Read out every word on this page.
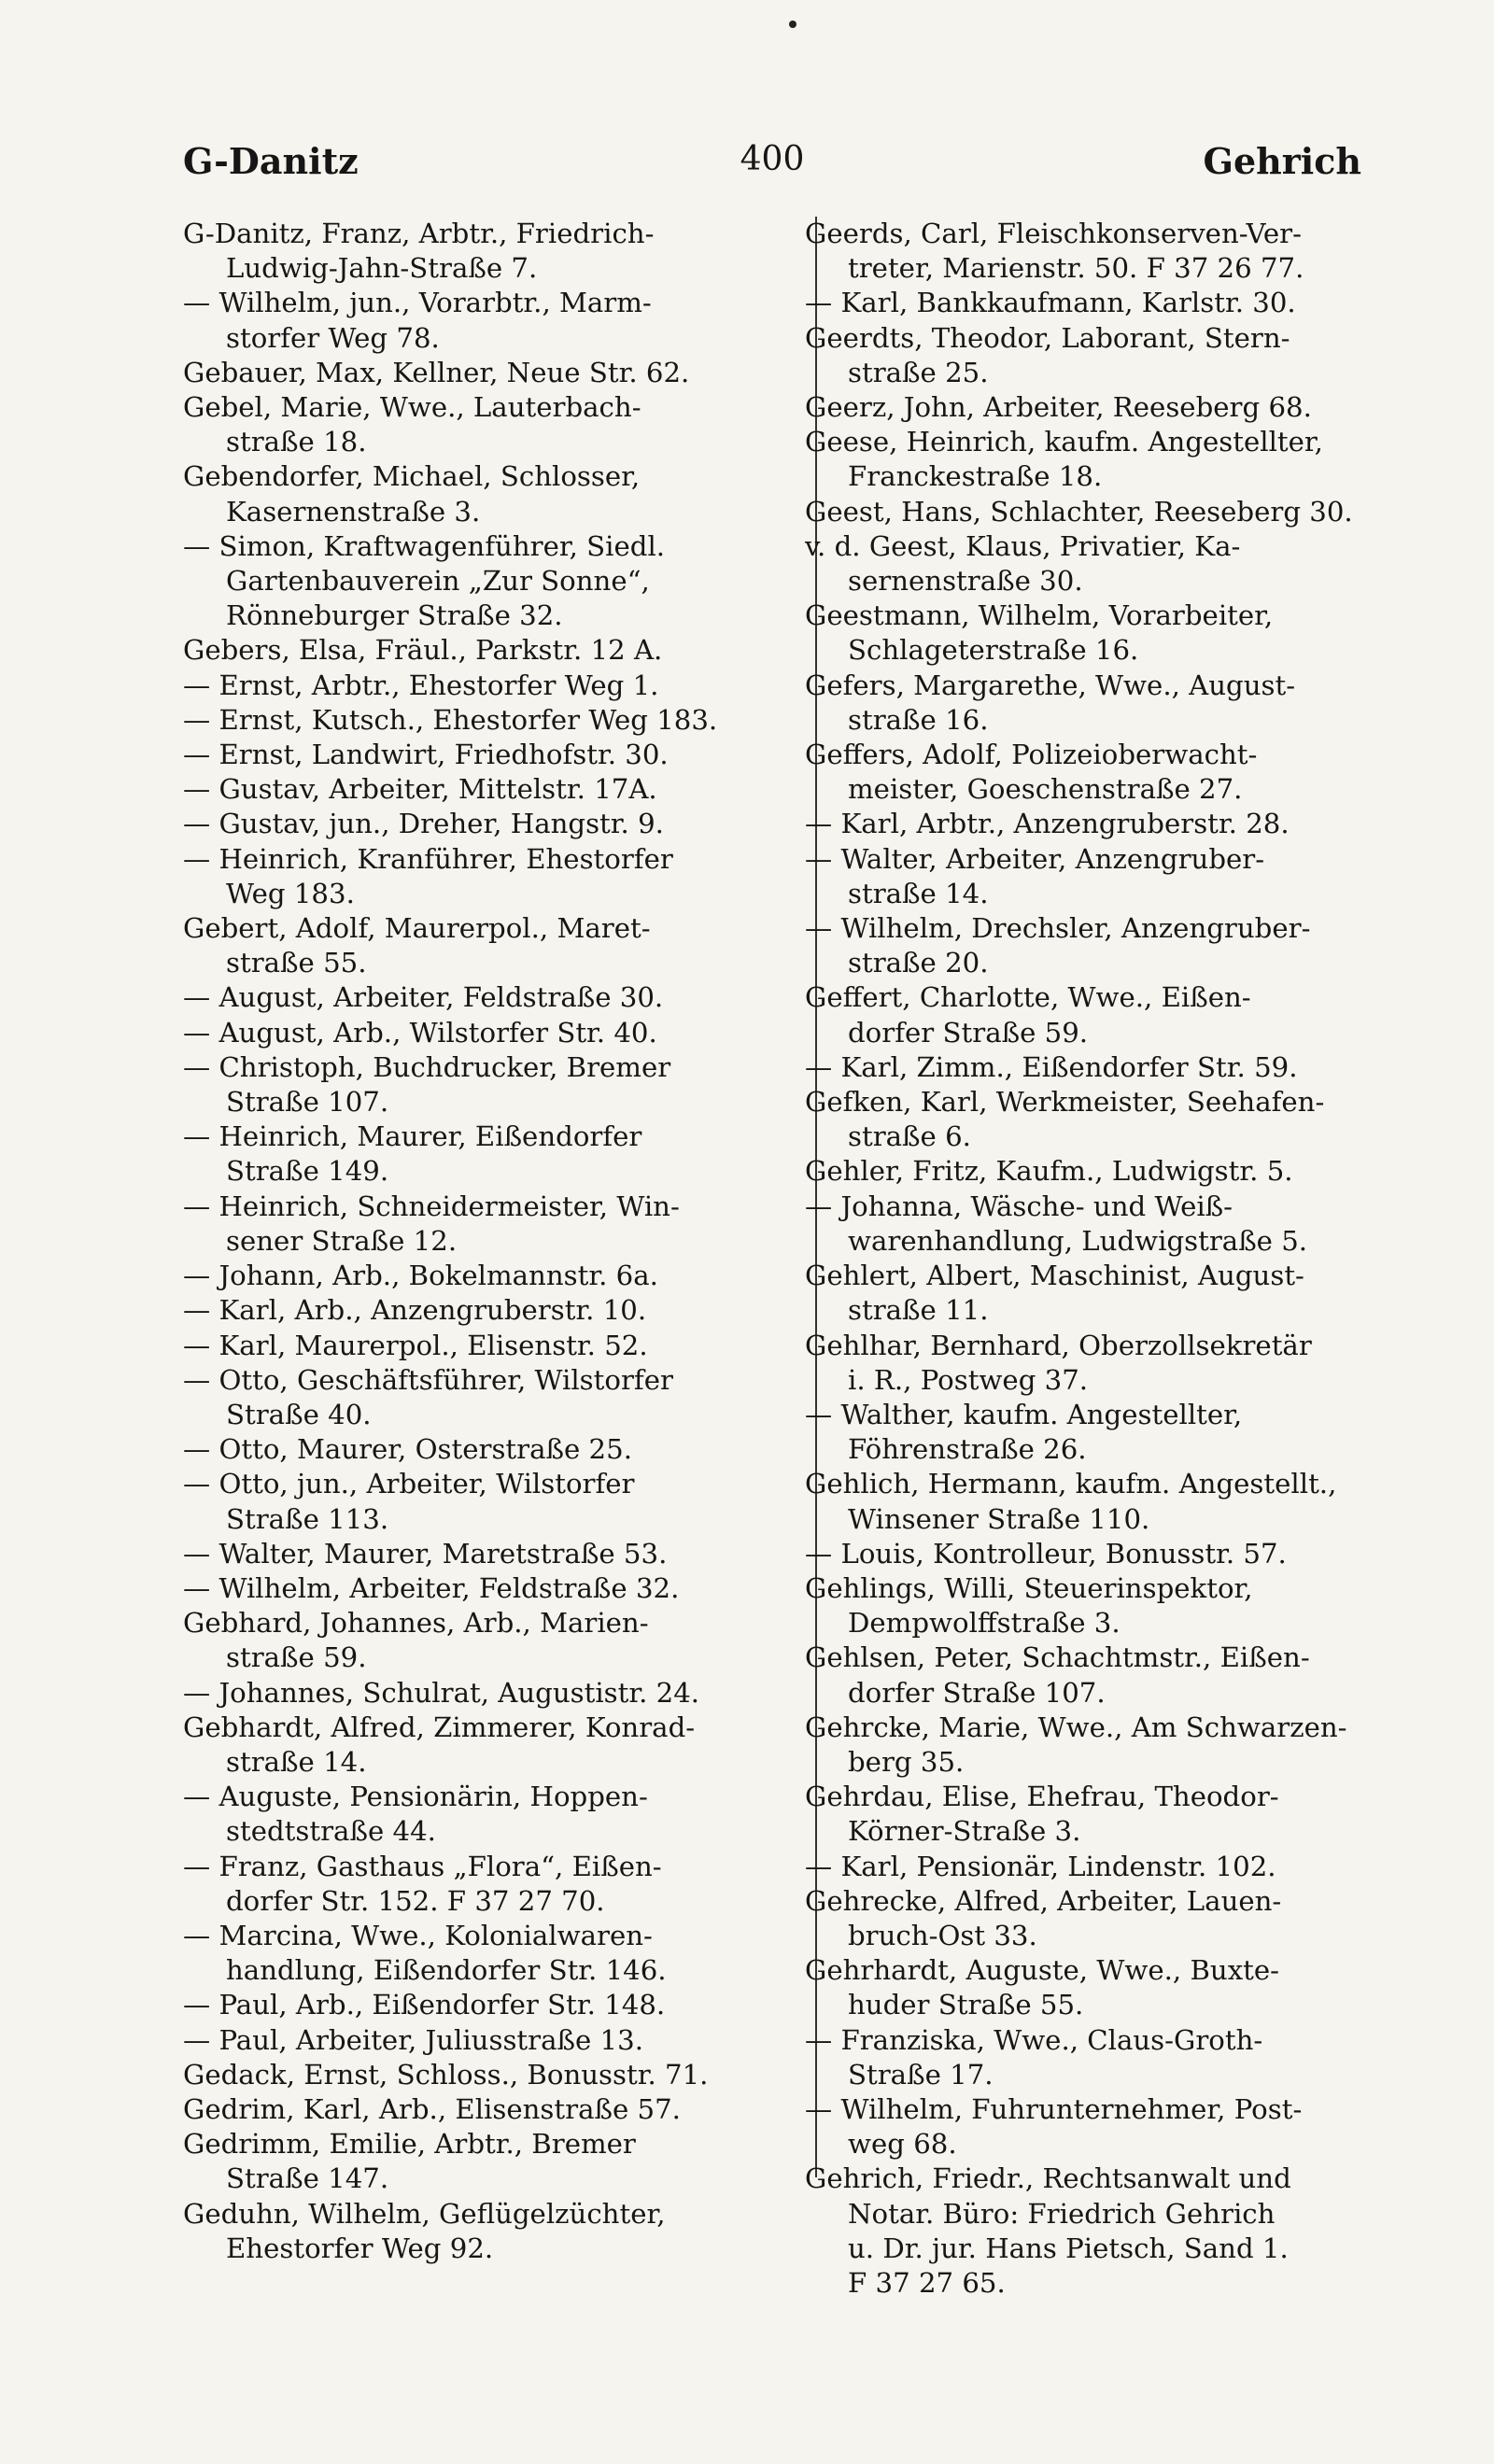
G-Danitz	400	Gehrich
G-Danitz, Franz, Arbtr., Friedrich-
Ludwig-Jahn-Straße 7.
— Wilhelm, jun., Vorarbtr., Marm-
storfer Weg 78.
Gebauer, Max, Kellner, Neue Str. 62.
Gebel, Marie, Wwe., Lauterbach-
straße 18.
Gebendorfer, Michael, Schlosser,
Kasernenstraße 3.
— Simon, Kraftwagenführer, Siedl.
Gartenbauverein „Zur Sonne“,
Rönneburger Straße 32.
Gebers, Elsa, Fräul., Parkstr. 12 A.
— Ernst, Arbtr., Ehestorfer Weg 1.
— Ernst, Kutsch., Ehestorfer Weg 183.
— Ernst, Landwirt, Friedhofstr. 30.
— Gustav, Arbeiter, Mittelstr. 17A.
— Gustav, jun., Dreher, Hangstr. 9.
— Heinrich, Kranführer, Ehestorfer
Weg 183.
Gebert, Adolf, Maurerpol., Maret-
straße 55.
— August, Arbeiter, Feldstraße 30.
— August, Arb., Wilstorfer Str. 40.
— Christoph, Buchdrucker, Bremer
Straße 107.
— Heinrich, Maurer, Eißendorfer
Straße 149.
— Heinrich, Schneidermeister, Win-
sener Straße 12.
— Johann, Arb., Bokelmannstr. 6a.
— Karl, Arb., Anzengruberstr. 10.
— Karl, Maurerpol., Elisenstr. 52.
— Otto, Geschäftsführer, Wilstorfer
Straße 40.
— Otto, Maurer, Osterstraße 25.
— Otto, jun., Arbeiter, Wilstorfer
Straße 113.
— Walter, Maurer, Maretstraße 53.
— Wilhelm, Arbeiter, Feldstraße 32.
Gebhard, Johannes, Arb., Marien-
straße 59.
— Johannes, Schulrat, Augustistr. 24.
Gebhardt, Alfred, Zimmerer, Konrad-
straße 14.
— Auguste, Pensionärin, Hoppen-
stedtstraße 44.
— Franz, Gasthaus „Flora“, Eißen-
dorfer Str. 152. F 37 27 70.
— Marcina, Wwe., Kolonialwaren-
handlung, Eißendorfer Str. 146.
— Paul, Arb., Eißendorfer Str. 148.
— Paul, Arbeiter, Juliusstraße 13.
Gedack, Ernst, Schloss., Bonusstr. 71.
Gedrim, Karl, Arb., Elisenstraße 57.
Gedrimm, Emilie, Arbtr., Bremer
Straße 147.
Geduhn, Wilhelm, Geflügelzüchter,
Ehestorfer Weg 92.
Geerds, Carl, Fleischkonserven-Ver-
treter, Marienstr. 50. F 37 26 77.
— Karl, Bankkaufmann, Karlstr. 30.
Geerdts, Theodor, Laborant, Stern-
straße 25.
Geerz, John, Arbeiter, Reeseberg 68.
Geese, Heinrich, kaufm. Angestellter,
Franckestraße 18.
Geest, Hans, Schlachter, Reeseberg 30.
v. d. Geest, Klaus, Privatier, Ka-
sernenstraße 30.
Geestmann, Wilhelm, Vorarbeiter,
Schlageterstraße 16.
Gefers, Margarethe, Wwe., August-
straße 16.
Geffers, Adolf, Polizeioberwacht-
meister, Goeschenstraße 27.
— Karl, Arbtr., Anzengruberstr. 28.
— Walter, Arbeiter, Anzengruber-
straße 14.
— Wilhelm, Drechsler, Anzengruber-
straße 20.
Geffert, Charlotte, Wwe., Eißen-
dorfer Straße 59.
— Karl, Zimm., Eißendorfer Str. 59.
Gefken, Karl, Werkmeister, Seehafen-
straße 6.
Gehler, Fritz, Kaufm., Ludwigstr. 5.
— Johanna, Wäsche- und Weiß-
warenhandlung, Ludwigstraße 5.
Gehlert, Albert, Maschinist, August-
straße 11.
Gehlhar, Bernhard, Oberzollsekretär
i. R., Postweg 37.
— Walther, kaufm. Angestellter,
Föhrenstraße 26.
Gehlich, Hermann, kaufm. Angestellt.,
Winsener Straße 110.
— Louis, Kontrolleur, Bonusstr. 57.
Gehlings, Willi, Steuerinspektor,
Dempwolffstraße 3.
Gehlsen, Peter, Schachtmstr., Eißen-
dorfer Straße 107.
Gehrcke, Marie, Wwe., Am Schwarzen-
berg 35.
Gehrdau, Elise, Ehefrau, Theodor-
Körner-Straße 3.
— Karl, Pensionär, Lindenstr. 102.
Gehrecke, Alfred, Arbeiter, Lauen-
bruch-Ost 33.
Gehrhardt, Auguste, Wwe., Buxte-
huder Straße 55.
— Franziska, Wwe., Claus-Groth-
Straße 17.
— Wilhelm, Fuhrunternehmer, Post-
weg 68.
Gehrich, Friedr., Rechtsanwalt und
Notar. Büro: Friedrich Gehrich
u. Dr. jur. Hans Pietsch, Sand 1.
F 37 27 65.
